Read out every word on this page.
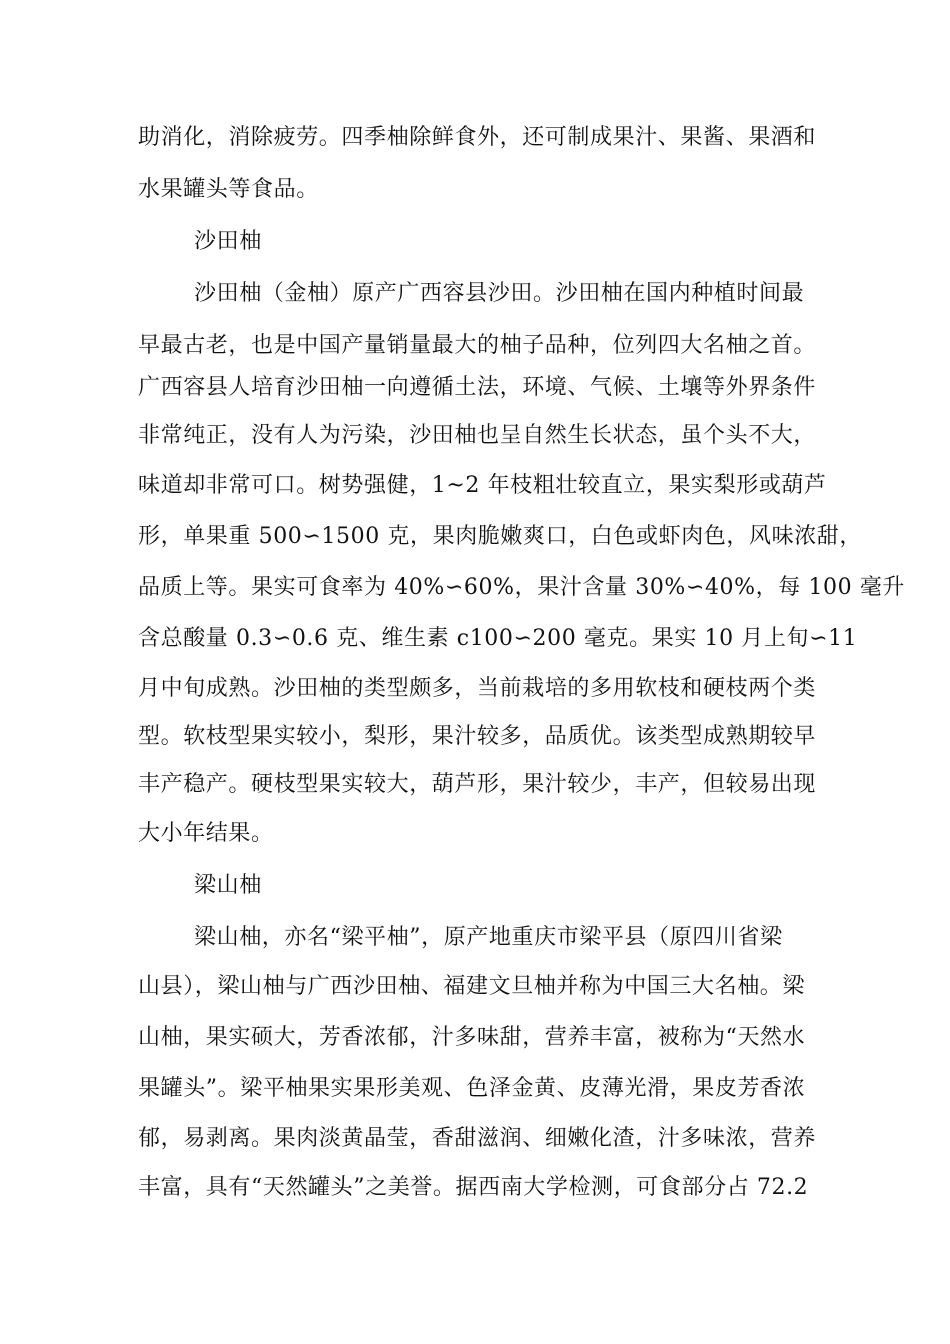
助消化，消除疲劳。四季柚除鲜食外，还可制成果汁、果酱、果酒和
水果罐头等食品。
沙田柚
沙田柚（金柚）原产广西容县沙田。沙田柚在国内种植时间最
早最古老，也是中国产量销量最大的柚子品种，位列四大名柚之首。
广西容县人培育沙田柚一向遵循土法，环境、气候、土壤等外界条件
非常纯正，没有人为污染，沙田柚也呈自然生长状态，虽个头不大，
味道却非常可口。树势强健，1~2 年枝粗壮较直立，果实梨形或葫芦
形，单果重 500∽1500 克，果肉脆嫩爽口，白色或虾肉色，风味浓甜，
品质上等。果实可食率为 40%∽60%，果汁含量 30%∽40%，每 100 毫升
含总酸量 0.3∽0.6 克、维生素 c100∽200 毫克。果实 10 月上旬∽11
月中旬成熟。沙田柚的类型颇多，当前栽培的多用软枝和硬枝两个类
型。软枝型果实较小，梨形，果汁较多，品质优。该类型成熟期较早
丰产稳产。硬枝型果实较大，葫芦形，果汁较少，丰产，但较易出现
大小年结果。
梁山柚
梁山柚，亦名“梁平柚”，原产地重庆市梁平县（原四川省梁
山县），梁山柚与广西沙田柚、福建文旦柚并称为中国三大名柚。梁
山柚，果实硕大，芳香浓郁，汁多味甜，营养丰富，被称为“天然水
果罐头”。梁平柚果实果形美观、色泽金黄、皮薄光滑，果皮芳香浓
郁，易剥离。果肉淡黄晶莹，香甜滋润、细嫩化渣，汁多味浓，营养
丰富，具有“天然罐头”之美誉。据西南大学检测，可食部分占 72.2
